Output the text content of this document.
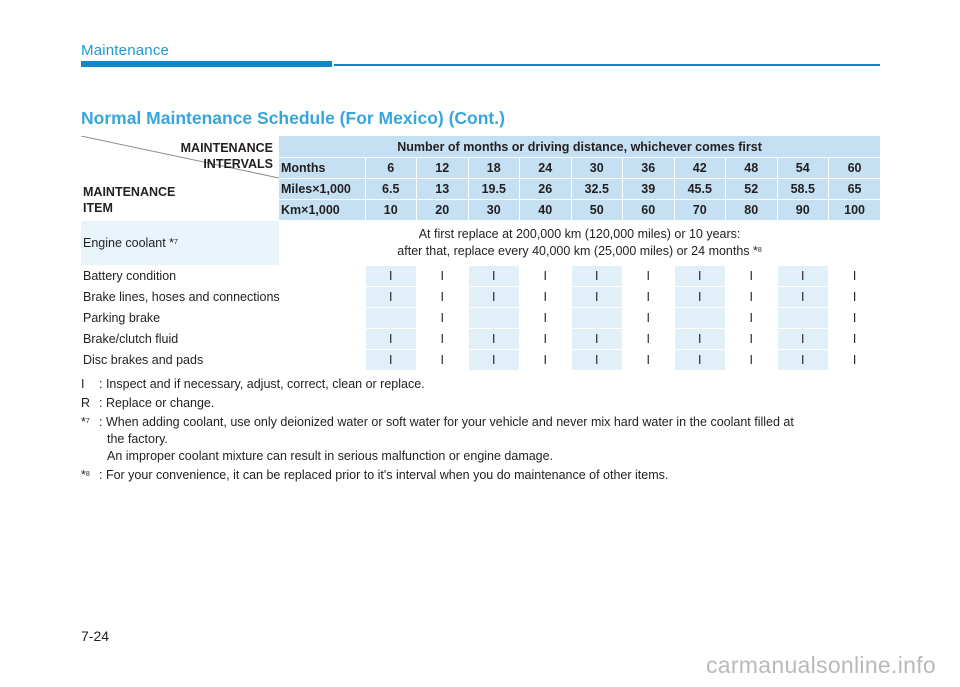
Maintenance
Normal Maintenance Schedule (For Mexico) (Cont.)
MAINTENANCE
INTERVALS
MAINTENANCE
ITEM	Number of months or driving distance, whichever comes first										
	Months	6	12	18	24	30	36	42	48	54	60
	Miles×1,000	6.5	13	19.5	26	32.5	39	45.5	52	58.5	65
	Km×1,000	10	20	30	40	50	60	70	80	90	100
Engine coolant *$^7$	At first replace at 200,000 km (120,000 miles) or 10 years:
after that, replace every 40,000 km (25,000 miles) or 24 months *$^8$

Battery condition		I	I	I	I	I	I	I	I	I	I
Brake lines, hoses and connections		I	I	I	I	I	I	I	I	I	I
Parking brake			I		I		I		I		I
Brake/clutch fluid		I	I	I	I	I	I	I	I	I	I
Disc brakes and pads		I	I	I	I	I	I	I	I	I	I
I	: Inspect and if necessary, adjust, correct, clean or replace.
R : Replace or change.
*$^7$ : When adding coolant, use only deionized water or soft water for your vehicle and never mix hard water in the coolant filled at
the factory.
An improper coolant mixture can result in serious malfunction or engine damage.
*$^8$ : For your convenience, it can be replaced prior to it's interval when you do maintenance of other items.
7-24
carmanualsonline.info
